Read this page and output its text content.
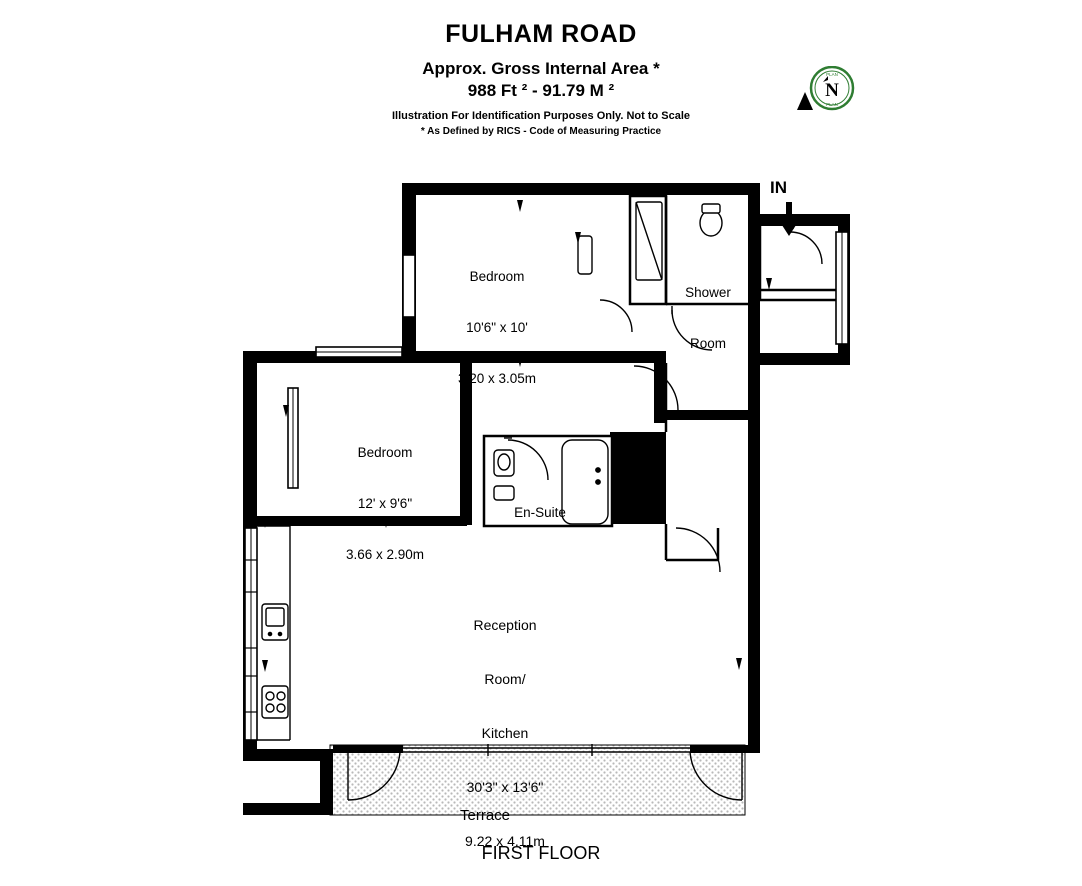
FULHAM ROAD
Approx. Gross Internal Area *
988 Ft ² - 91.79 M ²
Illustration For Identification Purposes Only. Not to Scale
* As Defined by RICS - Code of Measuring Practice
N
PLAN
PLAN
IN

Bedroom

10'6" x 10'

3.20 x 3.05m

Shower

Room

Bedroom

12' x 9'6"

3.66 x 2.90m

En-Suite

Reception

Room/

Kitchen

30'3" x 13'6"

9.22 x 4.11m

Terrace

FIRST FLOOR
